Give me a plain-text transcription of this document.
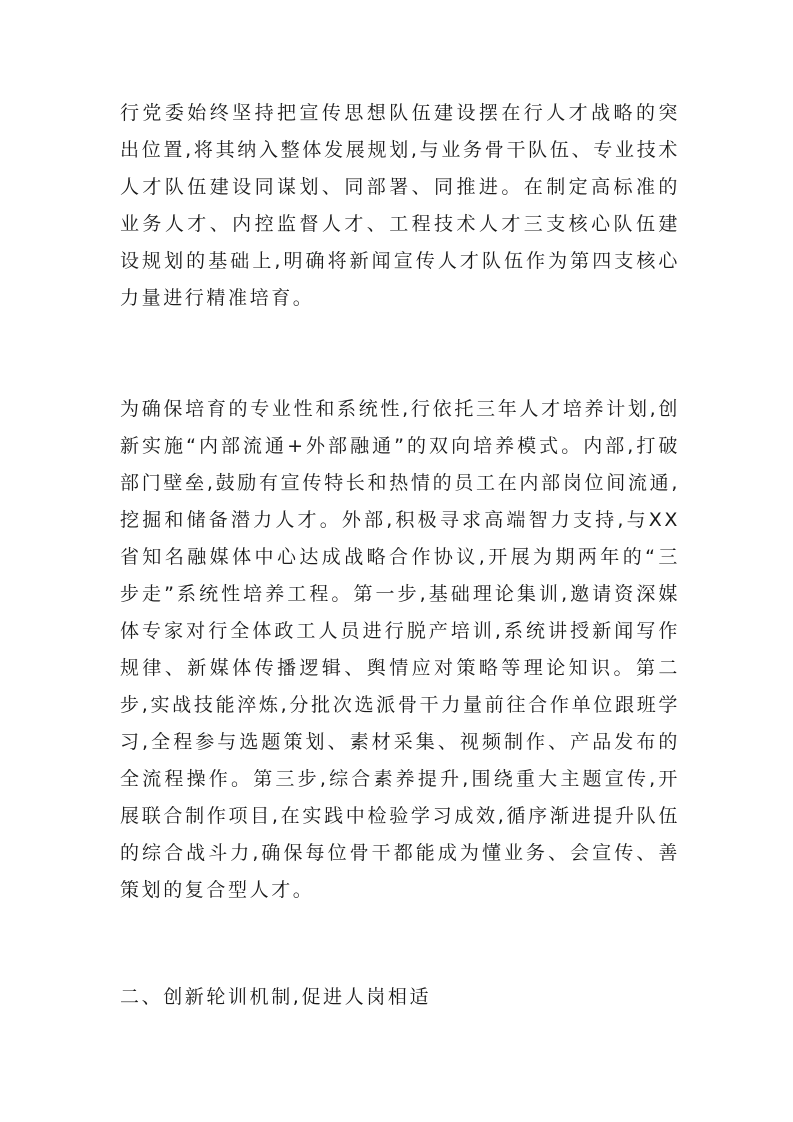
行党委始终坚持把宣传思想队伍建设摆在行人才战略的突出位置,将其纳入整体发展规划,与业务骨干队伍、专业技术人才队伍建设同谋划、同部署、同推进。在制定高标准的业务人才、内控监督人才、工程技术人才三支核心队伍建设规划的基础上,明确将新闻宣传人才队伍作为第四支核心力量进行精准培育。

为确保培育的专业性和系统性,行依托三年人才培养计划,创新实施“内部流通+外部融通”的双向培养模式。内部,打破部门壁垒,鼓励有宣传特长和热情的员工在内部岗位间流通,挖掘和储备潜力人才。外部,积极寻求高端智力支持,与XX省知名融媒体中心达成战略合作协议,开展为期两年的“三步走”系统性培养工程。第一步,基础理论集训,邀请资深媒体专家对行全体政工人员进行脱产培训,系统讲授新闻写作规律、新媒体传播逻辑、舆情应对策略等理论知识。第二步,实战技能淬炼,分批次选派骨干力量前往合作单位跟班学习,全程参与选题策划、素材采集、视频制作、产品发布的全流程操作。第三步,综合素养提升,围绕重大主题宣传,开展联合制作项目,在实践中检验学习成效,循序渐进提升队伍的综合战斗力,确保每位骨干都能成为懂业务、会宣传、善策划的复合型人才。

二、创新轮训机制,促进人岗相适
